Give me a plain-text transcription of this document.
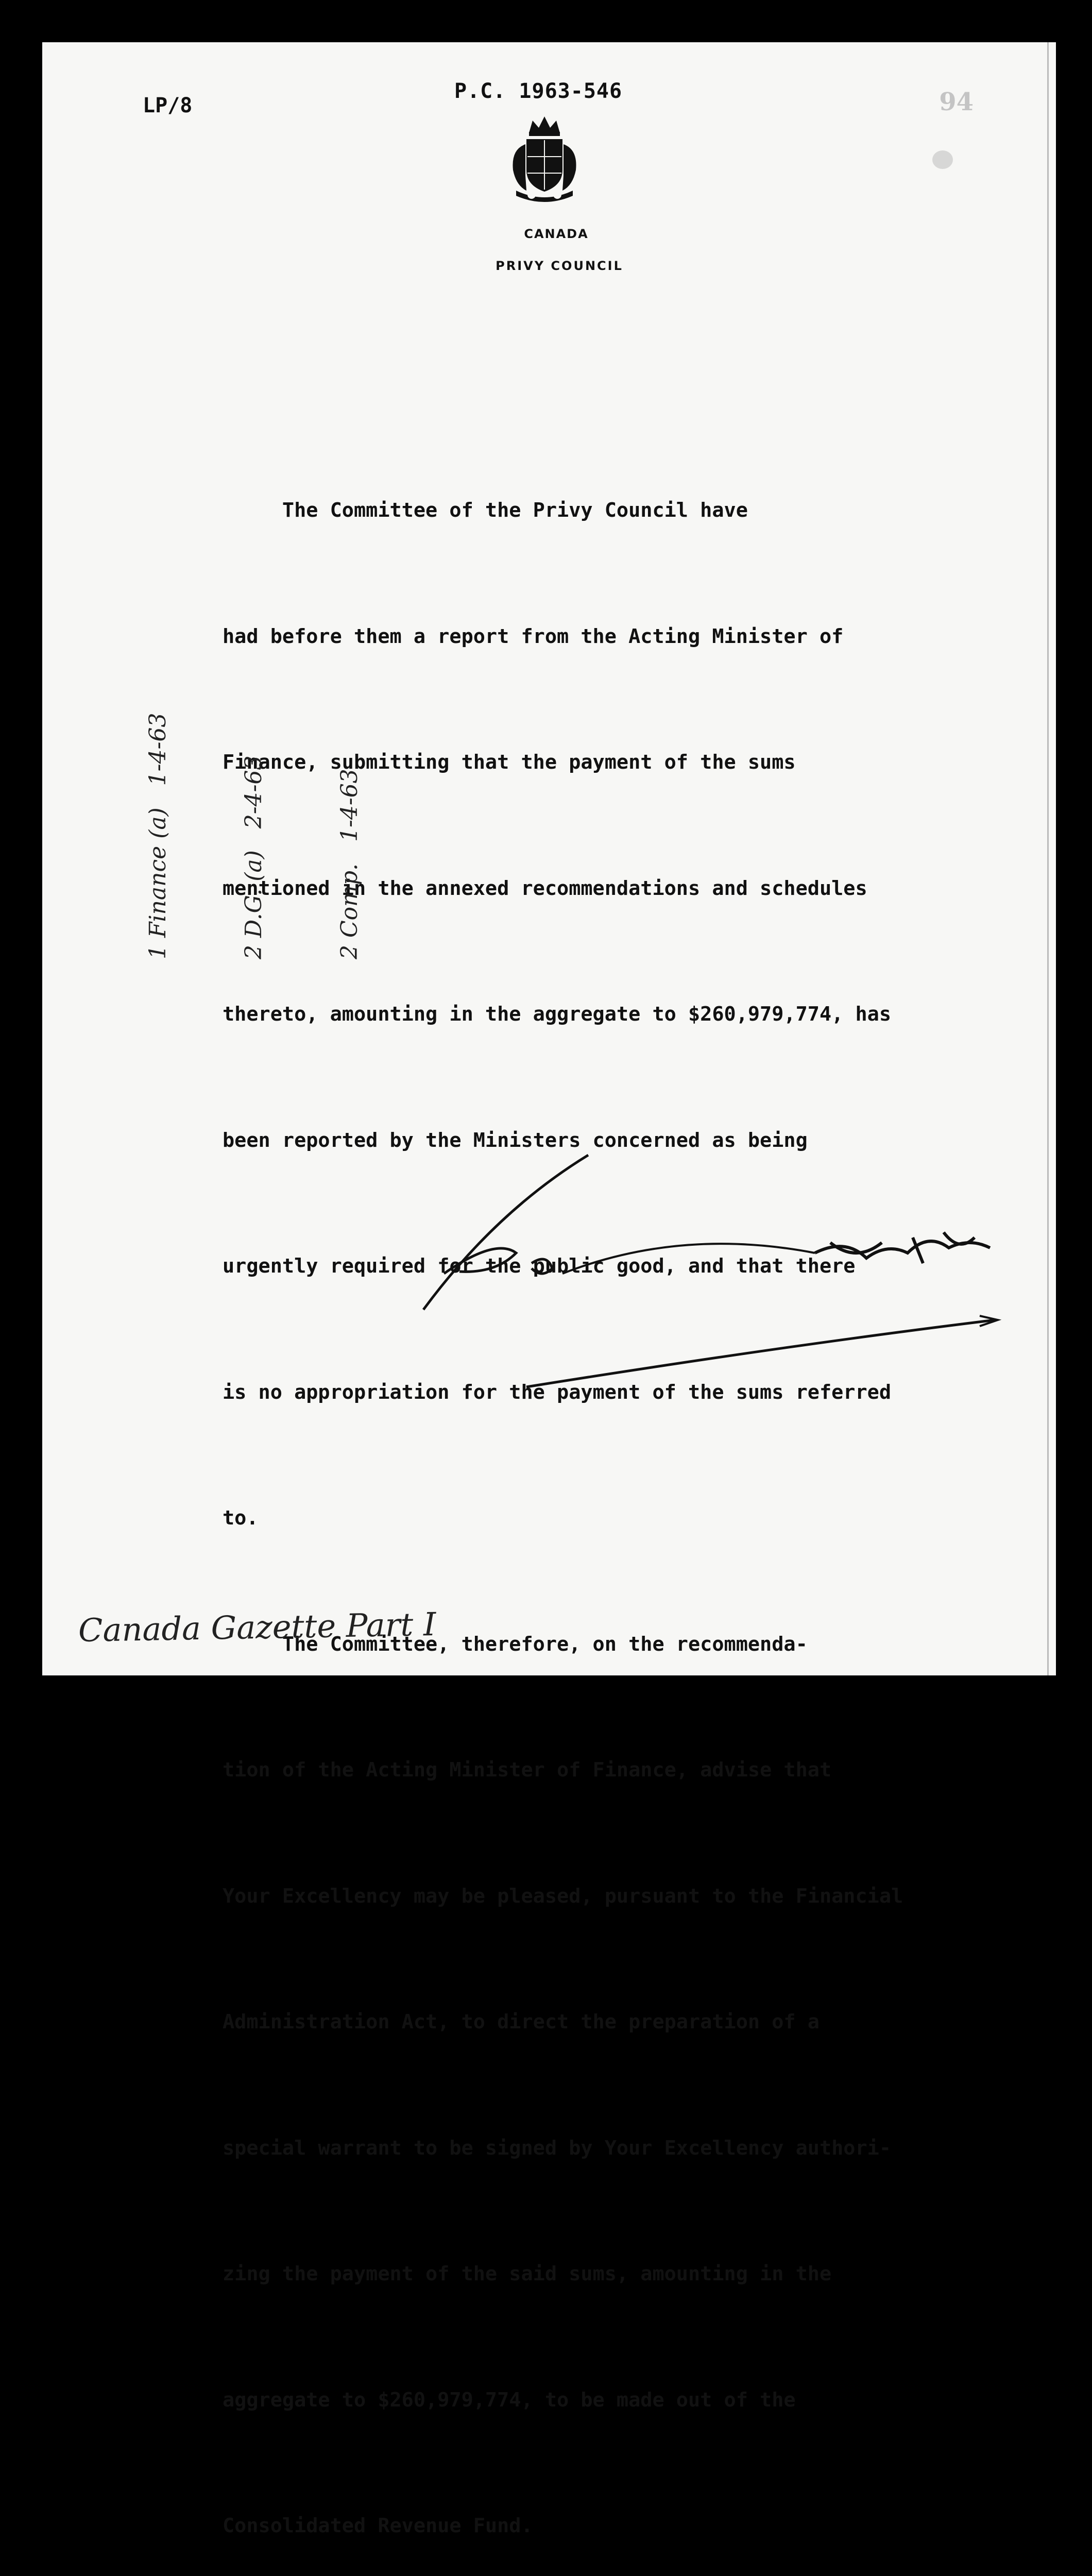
LP/8
P.C. 1963-546	94
CANADA
PRIVY COUNCIL

The Committee of the Privy Council have

had before them a report from the Acting Minister of

Finance, submitting that the payment of the sums

mentioned in the annexed recommendations and schedules

thereto, amounting in the aggregate to $260,979,774, has

been reported by the Ministers concerned as being

urgently required for the public good, and that there

is no appropriation for the payment of the sums referred

to.

The Committee, therefore, on the recommenda-

tion of the Acting Minister of Finance, advise that

Your Excellency may be pleased, pursuant to the Financial

Administration Act, to direct the preparation of a

special warrant to be signed by Your Excellency authori-

zing the payment of the said sums, amounting in the

aggregate to $260,979,774, to be made out of the

Consolidated Revenue Fund.

1 Finance (a)   1-4-63

	2 D.G. (a)   2-4-63

	2 Comp.   1-4-63

Canada Gazette Part I
